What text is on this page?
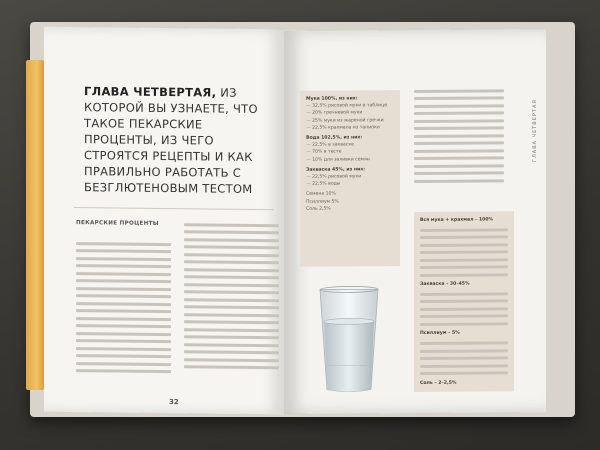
ГЛАВА ЧЕТВЕРТАЯ, ИЗ КОТОРОЙ ВЫ УЗНАЕТЕ, ЧТО ТАКОЕ ПЕКАРСКИЕ ПРОЦЕНТЫ, ИЗ ЧЕГО СТРОЯТСЯ РЕЦЕПТЫ И КАК ПРАВИЛЬНО РАБОТАТЬ С БЕЗГЛЮТЕНОВЫМ ТЕСТОМ
ПЕКАРСКИЕ ПРОЦЕНТЫ
32
Мука 100%, из них:
— 32,5% рисовой муки в таблице
— 20% гречневой муки
— 25% муки из жареной гречки
— 22,5% крахмала из тапиоки
Вода 102,5%, из них:
— 22,5% в закваске
— 70% в тесте
— 10% для заливки семян
Закваска 45%, из них:
— 22,5% рисовой муки
— 22,5% воды
Семена 10%
Псиллиум 5%
Соль 2,5%
Вся мука + крахмал – 100%
Закваска – 30–45%
Псиллиум – 5%
Соль – 2–2,5%
ГЛАВА ЧЕТВЕРТАЯ
